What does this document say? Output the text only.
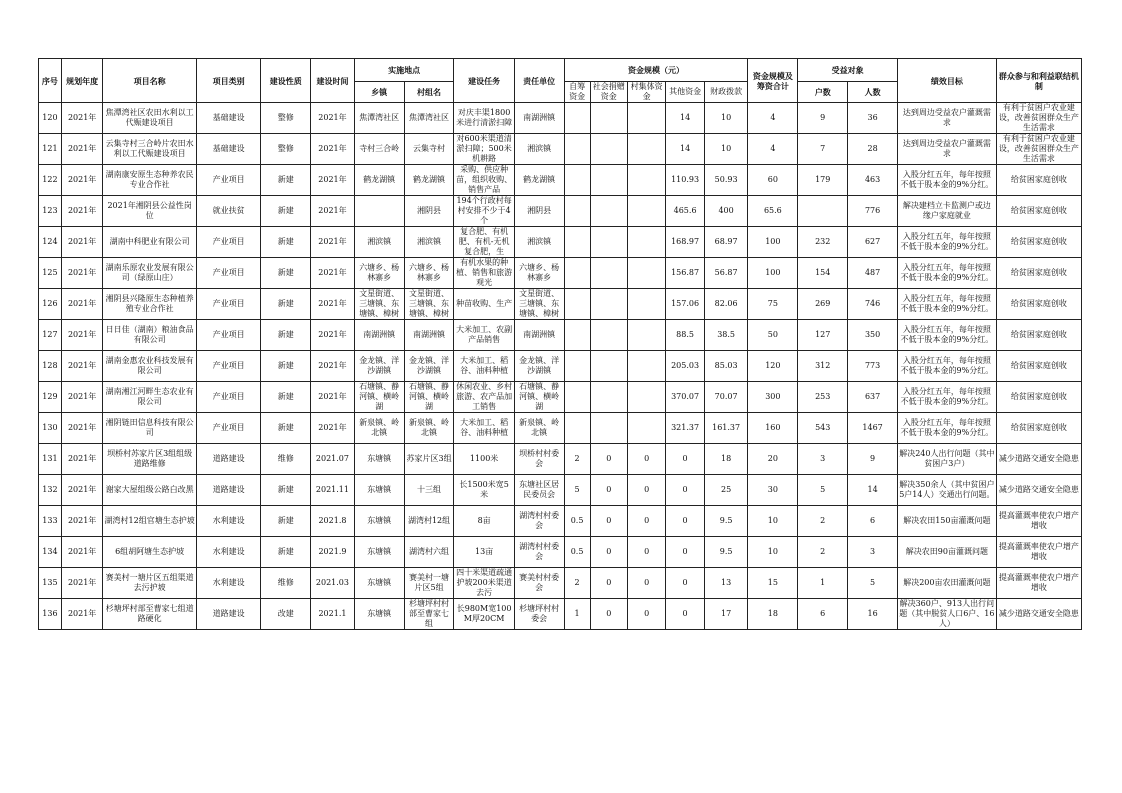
序号	规划年度	项目名称	项目类别	建设性质	建设时间	实施地点		建设任务	责任单位	资金规模（元）					资金规模及筹资合计	受益对象		绩效目标	群众参与和利益联结机制
						乡镇	村组名			自筹资金	社会捐赠资金	村集体资金	其他资金	财政拨款		户数	人数		
120	2021年	焦潭湾社区农田水利以工代赈建设项目	基础建设	整修	2021年	焦潭湾社区	焦潭湾社区	对庆丰渠1800米进行清淤扫障	南湖洲镇				14	10	4	9	36	达到周边受益农户灌溉需求	有利于贫困户农业建设，改善贫困群众生产生活需求
121	2021年	云集寺村三合岭片农田水利以工代赈建设项目	基础建设	整修	2021年	寺村三合岭	云集寺村	对600米渠道清淤扫障；500米机耕路	湘滨镇				14	10	4	7	28	达到周边受益农户灌溉需求	有利于贫困户农业建设，改善贫困群众生产生活需求
122	2021年	湖南康安原生态种养农民专业合作社	产业项目	新建	2021年	鹤龙湖镇	鹤龙湖镇	采购、供应种苗，组织收购、销售产品	鹤龙湖镇				110.93	50.93	60	179	463	入股分红五年，每年按照不低于股本金的9%分红。	给贫困家庭创收
123	2021年	2021年湘阴县公益性岗位	就业扶贫	新建	2021年		湘阴县	194个行政村每村安排不少于4个	湘阴县				465.6	400	65.6		776	解决建档立卡监测户或边缘户家庭就业	给贫困家庭创收
124	2021年	湖南中科肥业有限公司	产业项目	新建	2021年	湘滨镇	湘滨镇	复合肥、有机肥、有机-无机复合肥，生	湘滨镇				168.97	68.97	100	232	627	入股分红五年，每年按照不低于股本金的9%分红。	给贫困家庭创收
125	2021年	湖南乐原农业发展有限公司（绿原山庄）	产业项目	新建	2021年	六塘乡、杨林寨乡	六塘乡、杨林寨乡	有机水果的种植、销售和旅游观光	六塘乡、杨林寨乡				156.87	56.87	100	154	487	入股分红五年，每年按照不低于股本金的9%分红。	给贫困家庭创收
126	2021年	湘阴县兴隆原生态种植养殖专业合作社	产业项目	新建	2021年	文星街道、三塘镇、东塘镇、樟树	文星街道、三塘镇、东塘镇、樟树	种苗收购、生产	文星街道、三塘镇、东塘镇、樟树				157.06	82.06	75	269	746	入股分红五年，每年按照不低于股本金的9%分红。	给贫困家庭创收
127	2021年	日日佳（湖南）粮油食品有限公司	产业项目	新建	2021年	南湖洲镇	南湖洲镇	大米加工、农副产品销售	南湖洲镇				88.5	38.5	50	127	350	入股分红五年，每年按照不低于股本金的9%分红。	给贫困家庭创收
128	2021年	湖南金惠农业科技发展有限公司	产业项目	新建	2021年	金龙镇、洋沙湖镇	金龙镇、洋沙湖镇	大米加工、稻谷、油料种植	金龙镇、洋沙湖镇				205.03	85.03	120	312	773	入股分红五年，每年按照不低于股本金的9%分红。	给贫困家庭创收
129	2021年	湖南湘江河畔生态农业有限公司	产业项目	新建	2021年	石塘镇、静河镇、横岭湖	石塘镇、静河镇、横岭湖	休闲农业、乡村旅游、农产品加工销售	石塘镇、静河镇、横岭湖				370.07	70.07	300	253	637	入股分红五年，每年按照不低于股本金的9%分红。	给贫困家庭创收
130	2021年	湘阴链田信息科技有限公司	产业项目	新建	2021年	新泉镇、岭北镇	新泉镇、岭北镇	大米加工、稻谷、油料种植	新泉镇、岭北镇				321.37	161.37	160	543	1467	入股分红五年，每年按照不低于股本金的9%分红。	给贫困家庭创收
131	2021年	坝桥村苏家片区3组组级道路维修	道路建设	维修	2021.07	东塘镇	苏家片区3组	1100米	坝桥村村委会	2	0	0	0	18	20	3	9	解决240人出行问题（其中贫困户3户）	减少道路交通安全隐患
132	2021年	谢家大屋组级公路白改黑	道路建设	新建	2021.11	东塘镇	十三组	长1500米宽5米	东塘社区居民委员会	5	0	0	0	25	30	5	14	解决350余人（其中贫困户5户14人）交通出行问题。	减少道路交通安全隐患
133	2021年	湖湾村12组官塘生态护坡	水利建设	新建	2021.8	东塘镇	湖湾村12组	8亩	湖湾村村委会	0.5	0	0	0	9.5	10	2	6	解决农田150亩灌溉问题	提高灌溉率使农户增产增收
134	2021年	6组胡阿塘生态护坡	水利建设	新建	2021.9	东塘镇	湖湾村六组	13亩	湖湾村村委会	0.5	0	0	0	9.5	10	2	3	解决农田90亩灌溉问题	提高灌溉率使农户增产增收
135	2021年	赛美村一塘片区五组渠道去污护坡	水利建设	维修	2021.03	东塘镇	赛美村一塘片区5组	四十米渠道疏通护坡200米渠道去污	赛美村村委会	2	0	0	0	13	15	1	5	解决200亩农田灌溉问题	提高灌溉率使农户增产增收
136	2021年	杉塘坪村部至曹家七组道路硬化	道路建设	改建	2021.1	东塘镇	杉塘坪村村部至曹家七组	长980M宽100M厚20CM	杉塘坪村村委会	1	0	0	0	17	18	6	16	解决360户、913人出行问题（其中脱贫人口6户、16人）	减少道路交通安全隐患
